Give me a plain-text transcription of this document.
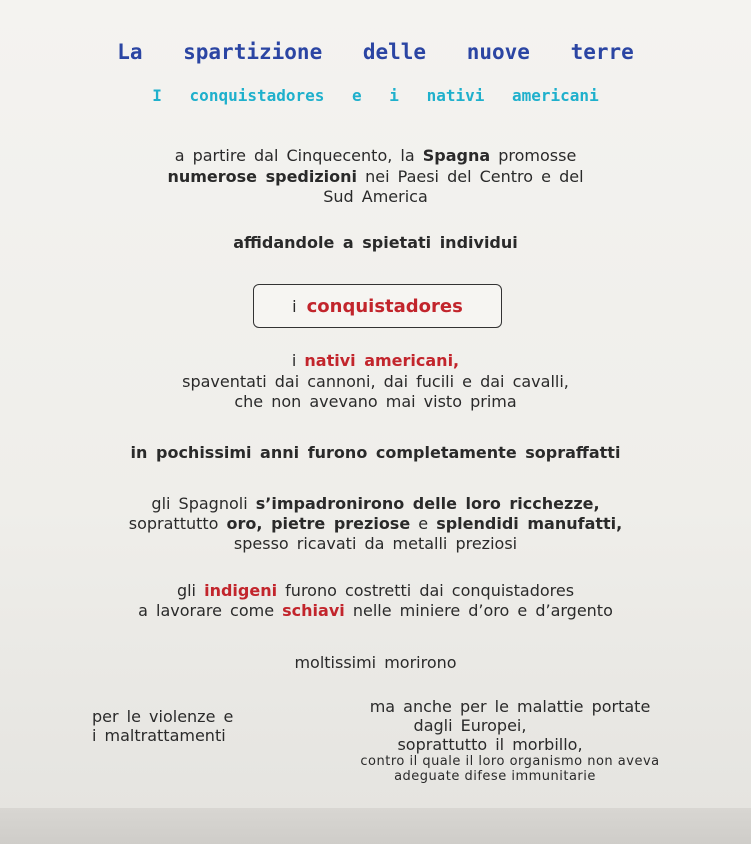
La spartizione delle nuove terre
I conquistadores e i nativi americani
a partire dal Cinquecento, la Spagna promosse
numerose spedizioni nei Paesi del Centro e del
Sud America
affidandole a spietati individui
i conquistadores
i nativi americani,
spaventati dai cannoni, dai fucili e dai cavalli,
che non avevano mai visto prima
in pochissimi anni furono completamente sopraffatti
gli Spagnoli s’impadronirono delle loro ricchezze,
soprattutto oro, pietre preziose e splendidi manufatti,
spesso ricavati da metalli preziosi
gli indigeni furono costretti dai conquistadores
a lavorare come schiavi nelle miniere d’oro e d’argento
moltissimi morirono
per le violenze e
i maltrattamenti
ma anche per le malattie portate
dagli Europei,
soprattutto il morbillo,
contro il quale il loro organismo non aveva
adeguate difese immunitarie
